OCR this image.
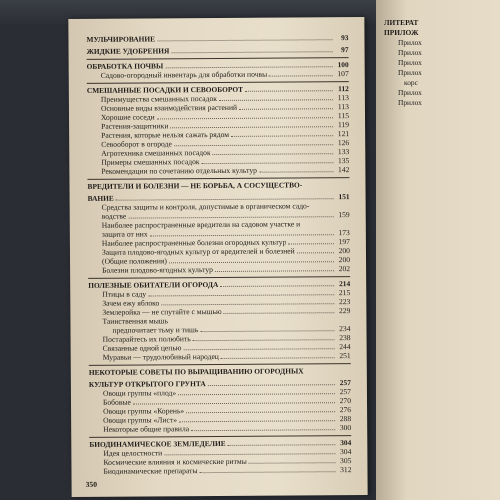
ЛИТЕРАТ
ПРИЛОЖ
Прилох
Прилох
Прилох
Прилох
корс
Прилох
Прилох
МУЛЬЧИРОВАНИЕ	93
ЖИДКИЕ УДОБРЕНИЯ	97
ОБРАБОТКА ПОЧВЫ	100
Садово-огородный инвентарь для обработки почвы	107
СМЕШАННЫЕ ПОСАДКИ И СЕВООБОРОТ	112
Преимущества смешанных посадок	113
Основные виды взаимодействия растений	113
Хорошие соседи	115
Растения-защитники	119
Растения, которые нельзя сажать рядом	121
Севооборот в огороде	126
Агротехника смешанных посадок	133
Примеры смешанных посадок	135
Рекомендации по сочетанию отдельных культур	142
ВРЕДИТЕЛИ И БОЛЕЗНИ — НЕ БОРЬБА, А СОСУЩЕСТВО-
ВАНИЕ	151
Средства защиты и контроля, допустимые в органическом садо-
водстве	159
Наиболее распространенные вредители на садовом участке и
защита от них	173
Наиболее распространенные болезни огородных культур	197
Защита плодово-ягодных культур от вредителей и болезней	200
(Общие положения)	200
Болезни плодово-ягодных культур	202
ПОЛЕЗНЫЕ ОБИТАТЕЛИ ОГОРОДА	214
Птицы в саду	215
Зачем ежу яблоко	223
Землеройка — не спутайте с мышью	229
Таинственная мышь
предпочитает тьму и тишь	234
Постарайтесь их полюбить	238
Связанные одной цепью	244
Муравьи — трудолюбивый народец	251
НЕКОТОРЫЕ СОВЕТЫ ПО ВЫРАЩИВАНИЮ ОГОРОДНЫХ
КУЛЬТУР ОТКРЫТОГО ГРУНТА	257
Овощи группы «плод»	257
Бобовые	270
Овощи группы «Корень»	276
Овощи группы «Лист»	288
Некоторые общие правила	300
БИОДИНАМИЧЕСКОЕ ЗЕМЛЕДЕЛИЕ	304
Идея целостности	304
Космические влияния и космические ритмы	305
Биодинамические препараты	312
350
